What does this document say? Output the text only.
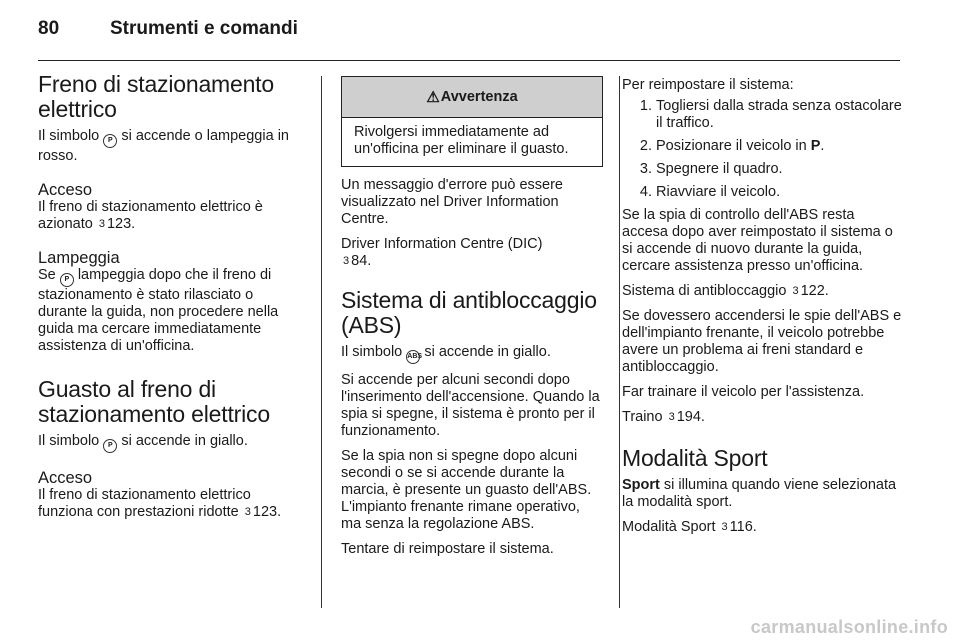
80	Strumenti e comandi
Freno di stazionamento elettrico

Il simbolo P si accende o lampeggia in rosso.

Acceso

Il freno di stazionamento elettrico è azionato 3 123.

Lampeggia

Se P lampeggia dopo che il freno di stazionamento è stato rilasciato o durante la guida, non procedere nella guida ma cercare immediatamente assistenza di un'officina.

Guasto al freno di stazionamento elettrico

Il simbolo P si accende in giallo.

Acceso

Il freno di stazionamento elettrico funziona con prestazioni ridotte 3 123.

⚠ Avvertenza
Rivolgersi immediatamente ad un'officina per eliminare il guasto.

Un messaggio d'errore può essere visualizzato nel Driver Information Centre.

Driver Information Centre (DIC)
3 84.

Sistema di antibloccaggio (ABS)

Il simbolo ABS si accende in giallo.

Si accende per alcuni secondi dopo l'inserimento dell'accensione. Quando la spia si spegne, il sistema è pronto per il funzionamento.

Se la spia non si spegne dopo alcuni secondi o se si accende durante la marcia, è presente un guasto dell'ABS. L'impianto frenante rimane operativo, ma senza la regolazione ABS.

Tentare di reimpostare il sistema.

Per reimpostare il sistema:

1. Togliersi dalla strada senza ostacolare il traffico.
2. Posizionare il veicolo in P.
3. Spegnere il quadro.
4. Riavviare il veicolo.

Se la spia di controllo dell'ABS resta accesa dopo aver reimpostato il sistema o si accende di nuovo durante la guida, cercare assistenza presso un'officina.

Sistema di antibloccaggio 3 122.

Se dovessero accendersi le spie dell'ABS e dell'impianto frenante, il veicolo potrebbe avere un problema ai freni standard e antibloccaggio.

Far trainare il veicolo per l'assistenza.

Traino 3 194.

Modalità Sport

Sport si illumina quando viene selezionata la modalità sport.

Modalità Sport 3 116.

carmanualsonline.info
